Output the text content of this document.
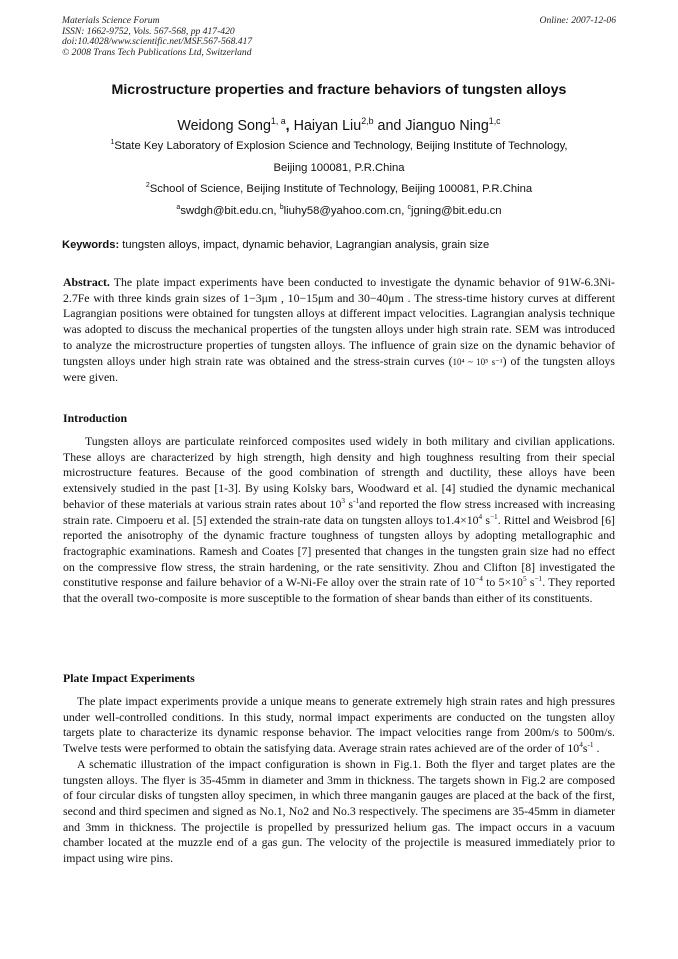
Materials Science Forum
ISSN: 1662-9752, Vols. 567-568, pp 417-420
doi:10.4028/www.scientific.net/MSF.567-568.417
© 2008 Trans Tech Publications Ltd, Switzerland
Online: 2007-12-06
Microstructure properties and fracture behaviors of tungsten alloys
Weidong Song$^{1, a}$, Haiyan Liu$^{2,b}$ and Jianguo Ning$^{1,c}$
$^1$State Key Laboratory of Explosion Science and Technology, Beijing Institute of Technology,
Beijing 100081, P.R.China
$^2$School of Science, Beijing Institute of Technology, Beijing 100081, P.R.China
$^a$swdgh@bit.edu.cn, $^b$liuhy58@yahoo.com.cn, $^c$jgning@bit.edu.cn
Keywords: tungsten alloys, impact, dynamic behavior, Lagrangian analysis, grain size

Abstract. The plate impact experiments have been conducted to investigate the dynamic behavior of 91W-6.3Ni-2.7Fe with three kinds grain sizes of 1−3μm , 10−15μm and 30−40μm . The stress-time history curves at different Lagrangian positions were obtained for tungsten alloys at different impact velocities. Lagrangian analysis technique was adopted to discuss the mechanical properties of the tungsten alloys under high strain rate. SEM was introduced to analyze the microstructure properties of tungsten alloys. The influence of grain size on the dynamic behavior of tungsten alloys under high strain rate was obtained and the stress-strain curves (10⁴ ~ 10⁵ s⁻¹) of the tungsten alloys were given.

Introduction

Tungsten alloys are particulate reinforced composites used widely in both military and civilian applications. These alloys are characterized by high strength, high density and high toughness resulting from their special microstructure features. Because of the good combination of strength and ductility, these alloys have been extensively studied in the past [1-3]. By using Kolsky bars, Woodward et al. [4] studied the dynamic mechanical behavior of these materials at various strain rates about $10^3$ $s^{-1}and$ reported the flow stress increased with increasing strain rate. Cimpoeru et al. [5] extended the strain-rate data on tungsten alloys $to1.4\times 10^4$ $s^{-1}$. Rittel and Weisbrod [6] reported the anisotrophy of the dynamic fracture toughness of tungsten alloys by adopting metallographic and fractographic examinations. Ramesh and Coates [7] presented that changes in the tungsten grain size had no effect on the compressive flow stress, the strain hardening, or the rate sensitivity. Zhou and Clifton [8] investigated the constitutive response and failure behavior of a W-Ni-Fe alloy over the strain rate of $10^{-4}$ to $5\times 10^5$ $s^{-1}$. They reported that the overall two-composite is more susceptible to the formation of shear bands than either of its constituents.

Plate Impact Experiments

The plate impact experiments provide a unique means to generate extremely high strain rates and high pressures under well-controlled conditions. In this study, normal impact experiments are conducted on the tungsten alloy targets plate to characterize its dynamic response behavior. The impact velocities range from 200m/s to 500m/s. Twelve tests were performed to obtain the satisfying data. Average strain rates achieved are of the order of $10^4s^{-1}$ .

A schematic illustration of the impact configuration is shown in Fig.1. Both the flyer and target plates are the tungsten alloys. The flyer is 35-45mm in diameter and 3mm in thickness. The targets shown in Fig.2 are composed of four circular disks of tungsten alloy specimen, in which three manganin gauges are placed at the back of the first, second and third specimen and signed as No.1, No2 and No.3 respectively. The specimens are 35-45mm in diameter and 3mm in thickness. The projectile is propelled by pressurized helium gas. The impact occurs in a vacuum chamber located at the muzzle end of a gas gun. The velocity of the projectile is measured immediately prior to impact using wire pins.
